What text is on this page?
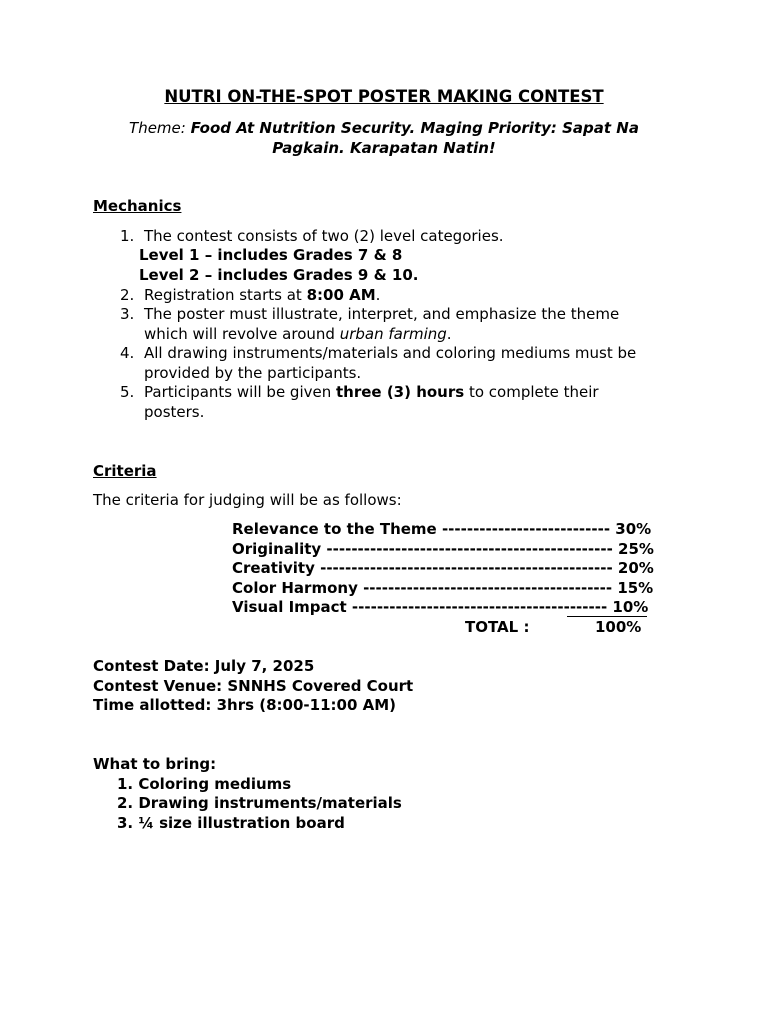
NUTRI ON-THE-SPOT POSTER MAKING CONTEST
Theme: Food At Nutrition Security. Maging Priority: Sapat Na
Pagkain. Karapatan Natin!
Mechanics
1. The contest consists of two (2) level categories.
Level 1 – includes Grades 7 & 8
Level 2 – includes Grades 9 & 10.
2. Registration starts at 8:00 AM.
3. The poster must illustrate, interpret, and emphasize the theme
which will revolve around urban farming.
4. All drawing instruments/materials and coloring mediums must be
provided by the participants.
5. Participants will be given three (3) hours to complete their
posters.
Criteria
The criteria for judging will be as follows:
Relevance to the Theme --------------------------- 30%
Originality ---------------------------------------------- 25%
Creativity ----------------------------------------------- 20%
Color Harmony ---------------------------------------- 15%
Visual Impact ----------------------------------------- 10%
TOTAL :	100%
Contest Date: July 7, 2025
Contest Venue: SNNHS Covered Court
Time allotted: 3hrs (8:00-11:00 AM)
What to bring:
1. Coloring mediums
2. Drawing instruments/materials
3. ¼ size illustration board
